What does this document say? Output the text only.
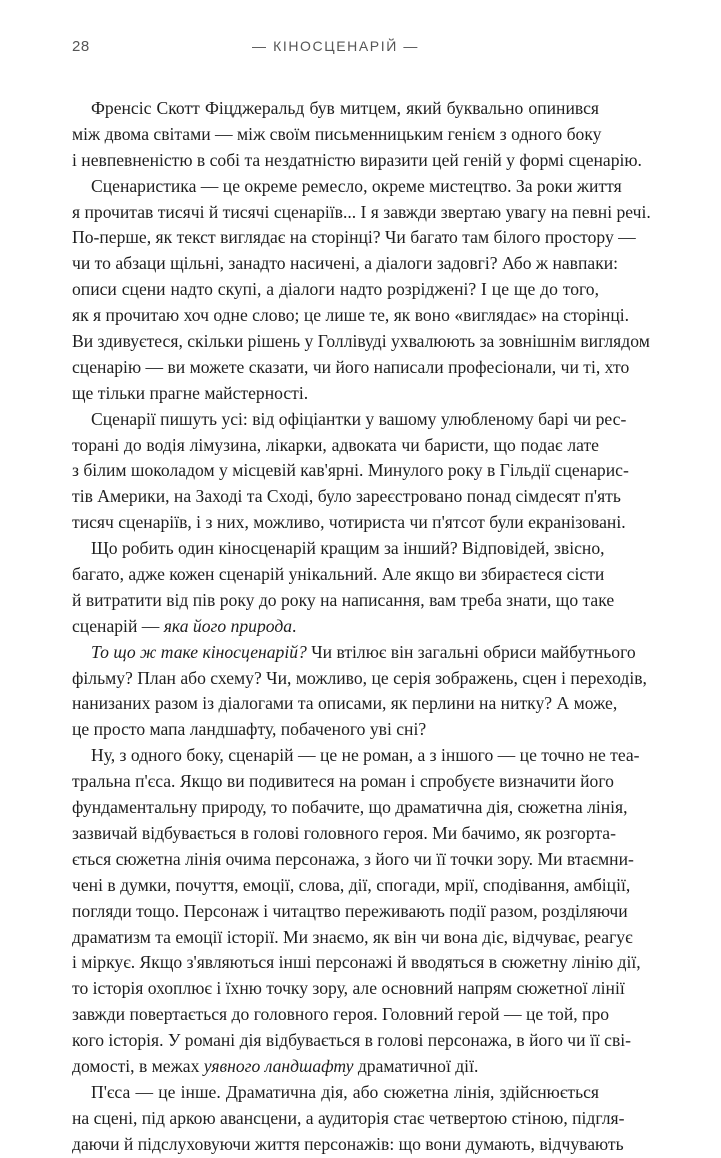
28	— КІНОСЦЕНАРІЙ —
Френсіс Скотт Фіцджеральд був митцем, який буквально опинився
між двома світами — між своїм письменницьким генієм з одного боку
і невпевненістю в собі та нездатністю виразити цей геній у формі сценарію.
Сценаристика — це окреме ремесло, окреме мистецтво. За роки життя
я прочитав тисячі й тисячі сценаріїв... І я завжди звертаю увагу на певні речі.
По-перше, як текст виглядає на сторінці? Чи багато там білого простору —
чи то абзаци щільні, занадто насичені, а діалоги задовгі? Або ж навпаки:
описи сцени надто скупі, а діалоги надто розріджені? І це ще до того,
як я прочитаю хоч одне слово; це лише те, як воно «виглядає» на сторінці.
Ви здивуєтеся, скільки рішень у Голлівуді ухвалюють за зовнішнім виглядом
сценарію — ви можете сказати, чи його написали професіонали, чи ті, хто
ще тільки прагне майстерності.
Сценарії пишуть усі: від офіціантки у вашому улюбленому барі чи рес-
торані до водія лімузина, лікарки, адвоката чи баристи, що подає лате
з білим шоколадом у місцевій кав'ярні. Минулого року в Гільдії сценарис-
тів Америки, на Заході та Сході, було зареєстровано понад сімдесят п'ять
тисяч сценаріїв, і з них, можливо, чотириста чи п'ятсот були екранізовані.
Що робить один кіносценарій кращим за інший? Відповідей, звісно,
багато, адже кожен сценарій унікальний. Але якщо ви збираєтеся сісти
й витратити від пів року до року на написання, вам треба знати, що таке
сценарій — яка його природа.
То що ж таке кіносценарій? Чи втілює він загальні обриси майбутнього
фільму? План або схему? Чи, можливо, це серія зображень, сцен і переходів,
нанизаних разом із діалогами та описами, як перлини на нитку? А може,
це просто мапа ландшафту, побаченого уві сні?
Ну, з одного боку, сценарій — це не роман, а з іншого — це точно не теа-
тральна п'єса. Якщо ви подивитеся на роман і спробуєте визначити його
фундаментальну природу, то побачите, що драматична дія, сюжетна лінія,
зазвичай відбувається в голові головного героя. Ми бачимо, як розгорта-
ється сюжетна лінія очима персонажа, з його чи її точки зору. Ми втаємни-
чені в думки, почуття, емоції, слова, дії, спогади, мрії, сподівання, амбіції,
погляди тощо. Персонаж і читацтво переживають події разом, розділяючи
драматизм та емоції історії. Ми знаємо, як він чи вона діє, відчуває, реагує
і міркує. Якщо з'являються інші персонажі й вводяться в сюжетну лінію дії,
то історія охоплює і їхню точку зору, але основний напрям сюжетної лінії
завжди повертається до головного героя. Головний герой — це той, про
кого історія. У романі дія відбувається в голові персонажа, в його чи її сві-
домості, в межах уявного ландшафту драматичної дії.
П'єса — це інше. Драматична дія, або сюжетна лінія, здійснюється
на сцені, під аркою авансцени, а аудиторія стає четвертою стіною, підгля-
даючи й підслуховуючи життя персонажів: що вони думають, відчувають
